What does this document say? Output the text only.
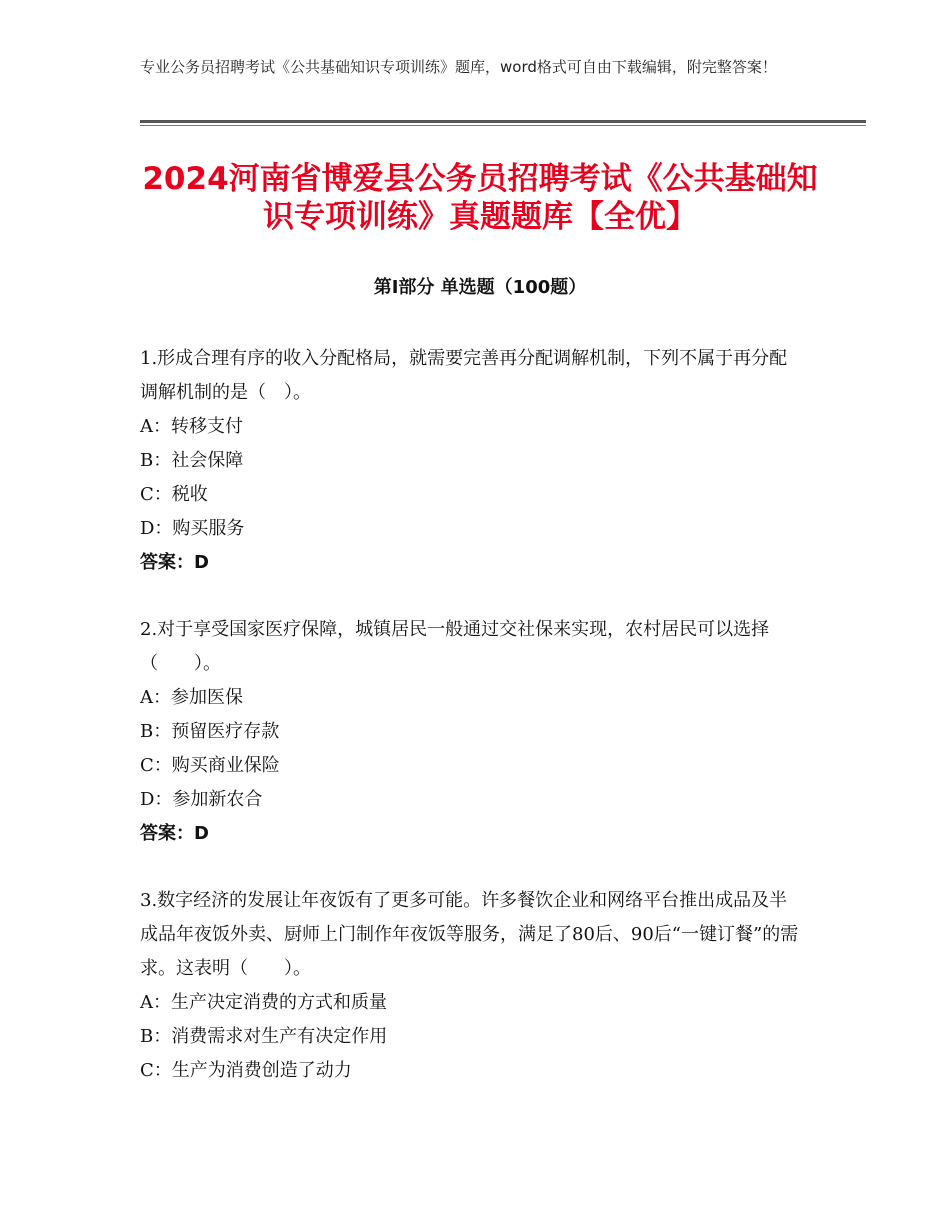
专业公务员招聘考试《公共基础知识专项训练》题库，word格式可自由下载编辑，附完整答案！
2024河南省博爱县公务员招聘考试《公共基础知识专项训练》真题题库【全优】
第Ⅰ部分 单选题（100题）

1.形成合理有序的收入分配格局，就需要完善再分配调解机制，下列不属于再分配调解机制的是（　）。

A：转移支付

B：社会保障

C：税收

D：购买服务

答案：D

2.对于享受国家医疗保障，城镇居民一般通过交社保来实现，农村居民可以选择（　　）。

A：参加医保

B：预留医疗存款

C：购买商业保险

D：参加新农合

答案：D

3.数字经济的发展让年夜饭有了更多可能。许多餐饮企业和网络平台推出成品及半成品年夜饭外卖、厨师上门制作年夜饭等服务，满足了80后、90后“一键订餐”的需求。这表明（　　）。

A：生产决定消费的方式和质量

B：消费需求对生产有决定作用

C：生产为消费创造了动力
